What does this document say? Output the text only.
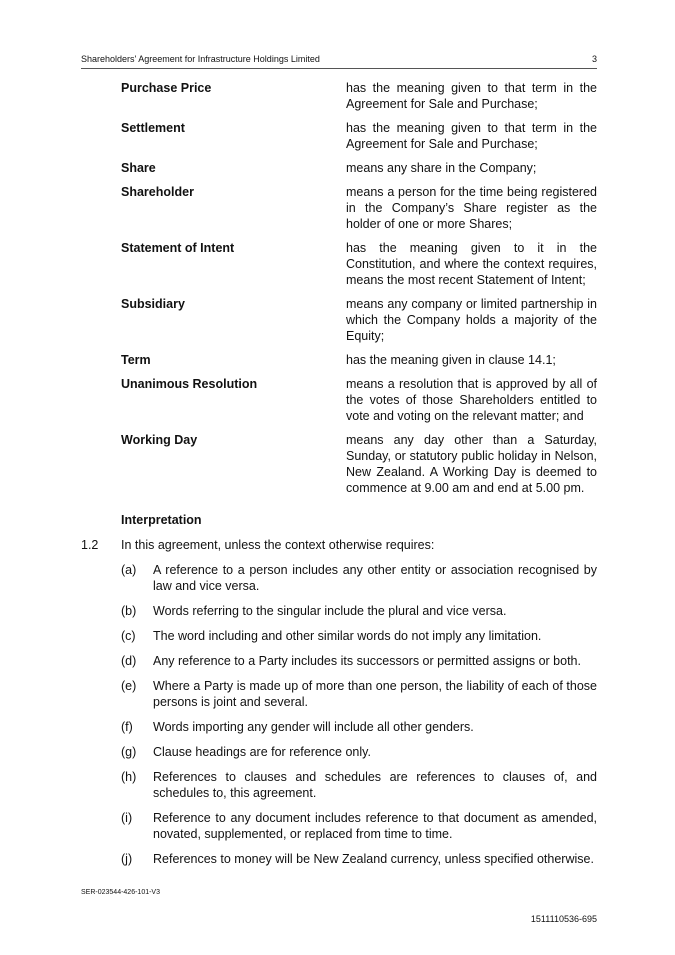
Shareholders' Agreement for Infrastructure Holdings Limited	3
Purchase Price	has the meaning given to that term in the Agreement for Sale and Purchase;
Settlement	has the meaning given to that term in the Agreement for Sale and Purchase;
Share	means any share in the Company;
Shareholder	means a person for the time being registered in the Company’s Share register as the holder of one or more Shares;
Statement of Intent	has the meaning given to it in the Constitution, and where the context requires, means the most recent Statement of Intent;
Subsidiary	means any company or limited partnership in which the Company holds a majority of the Equity;
Term	has the meaning given in clause 14.1;
Unanimous Resolution	means a resolution that is approved by all of the votes of those Shareholders entitled to vote and voting on the relevant matter; and
Working Day	means any day other than a Saturday, Sunday, or statutory public holiday in Nelson, New Zealand. A Working Day is deemed to commence at 9.00 am and end at 5.00 pm.
Interpretation
1.2 In this agreement, unless the context otherwise requires:
(a)	A reference to a person includes any other entity or association recognised by law and vice versa.
(b)	Words referring to the singular include the plural and vice versa.
(c)	The word including and other similar words do not imply any limitation.
(d)	Any reference to a Party includes its successors or permitted assigns or both.
(e)	Where a Party is made up of more than one person, the liability of each of those persons is joint and several.
(f)	Words importing any gender will include all other genders.
(g)	Clause headings are for reference only.
(h)	References to clauses and schedules are references to clauses of, and schedules to, this agreement.
(i)	Reference to any document includes reference to that document as amended, novated, supplemented, or replaced from time to time.
(j)	References to money will be New Zealand currency, unless specified otherwise.
SER-023544-426-101-V3
1511110536-695
